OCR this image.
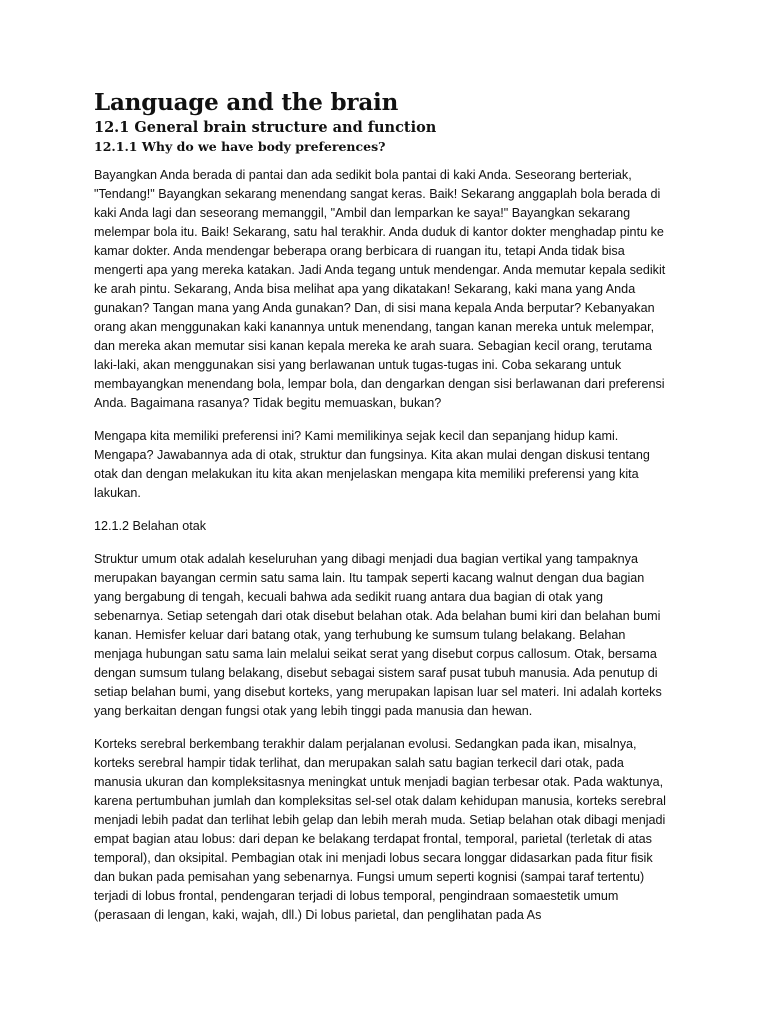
Language and the brain
12.1 General brain structure and function
12.1.1 Why do we have body preferences?

Bayangkan Anda berada di pantai dan ada sedikit bola pantai di kaki Anda. Seseorang berteriak, "Tendang!" Bayangkan sekarang menendang sangat keras. Baik! Sekarang anggaplah bola berada di kaki Anda lagi dan seseorang memanggil, "Ambil dan lemparkan ke saya!" Bayangkan sekarang melempar bola itu. Baik! Sekarang, satu hal terakhir. Anda duduk di kantor dokter menghadap pintu ke kamar dokter. Anda mendengar beberapa orang berbicara di ruangan itu, tetapi Anda tidak bisa mengerti apa yang mereka katakan. Jadi Anda tegang untuk mendengar. Anda memutar kepala sedikit ke arah pintu. Sekarang, Anda bisa melihat apa yang dikatakan! Sekarang, kaki mana yang Anda gunakan? Tangan mana yang Anda gunakan? Dan, di sisi mana kepala Anda berputar? Kebanyakan orang akan menggunakan kaki kanannya untuk menendang, tangan kanan mereka untuk melempar, dan mereka akan memutar sisi kanan kepala mereka ke arah suara. Sebagian kecil orang, terutama laki-laki, akan menggunakan sisi yang berlawanan untuk tugas-tugas ini. Coba sekarang untuk membayangkan menendang bola, lempar bola, dan dengarkan dengan sisi berlawanan dari preferensi Anda. Bagaimana rasanya? Tidak begitu memuaskan, bukan?

Mengapa kita memiliki preferensi ini? Kami memilikinya sejak kecil dan sepanjang hidup kami. Mengapa? Jawabannya ada di otak, struktur dan fungsinya. Kita akan mulai dengan diskusi tentang otak dan dengan melakukan itu kita akan menjelaskan mengapa kita memiliki preferensi yang kita lakukan.

12.1.2 Belahan otak

Struktur umum otak adalah keseluruhan yang dibagi menjadi dua bagian vertikal yang tampaknya merupakan bayangan cermin satu sama lain. Itu tampak seperti kacang walnut dengan dua bagian yang bergabung di tengah, kecuali bahwa ada sedikit ruang antara dua bagian di otak yang sebenarnya. Setiap setengah dari otak disebut belahan otak. Ada belahan bumi kiri dan belahan bumi kanan. Hemisfer keluar dari batang otak, yang terhubung ke sumsum tulang belakang. Belahan menjaga hubungan satu sama lain melalui seikat serat yang disebut corpus callosum. Otak, bersama dengan sumsum tulang belakang, disebut sebagai sistem saraf pusat tubuh manusia. Ada penutup di setiap belahan bumi, yang disebut korteks, yang merupakan lapisan luar sel materi. Ini adalah korteks yang berkaitan dengan fungsi otak yang lebih tinggi pada manusia dan hewan.

Korteks serebral berkembang terakhir dalam perjalanan evolusi. Sedangkan pada ikan, misalnya, korteks serebral hampir tidak terlihat, dan merupakan salah satu bagian terkecil dari otak, pada manusia ukuran dan kompleksitasnya meningkat untuk menjadi bagian terbesar otak. Pada waktunya, karena pertumbuhan jumlah dan kompleksitas sel-sel otak dalam kehidupan manusia, korteks serebral menjadi lebih padat dan terlihat lebih gelap dan lebih merah muda. Setiap belahan otak dibagi menjadi empat bagian atau lobus: dari depan ke belakang terdapat frontal, temporal, parietal (terletak di atas temporal), dan oksipital. Pembagian otak ini menjadi lobus secara longgar didasarkan pada fitur fisik dan bukan pada pemisahan yang sebenarnya. Fungsi umum seperti kognisi (sampai taraf tertentu) terjadi di lobus frontal, pendengaran terjadi di lobus temporal, pengindraan somaestetik umum (perasaan di lengan, kaki, wajah, dll.) Di lobus parietal, dan penglihatan pada As
